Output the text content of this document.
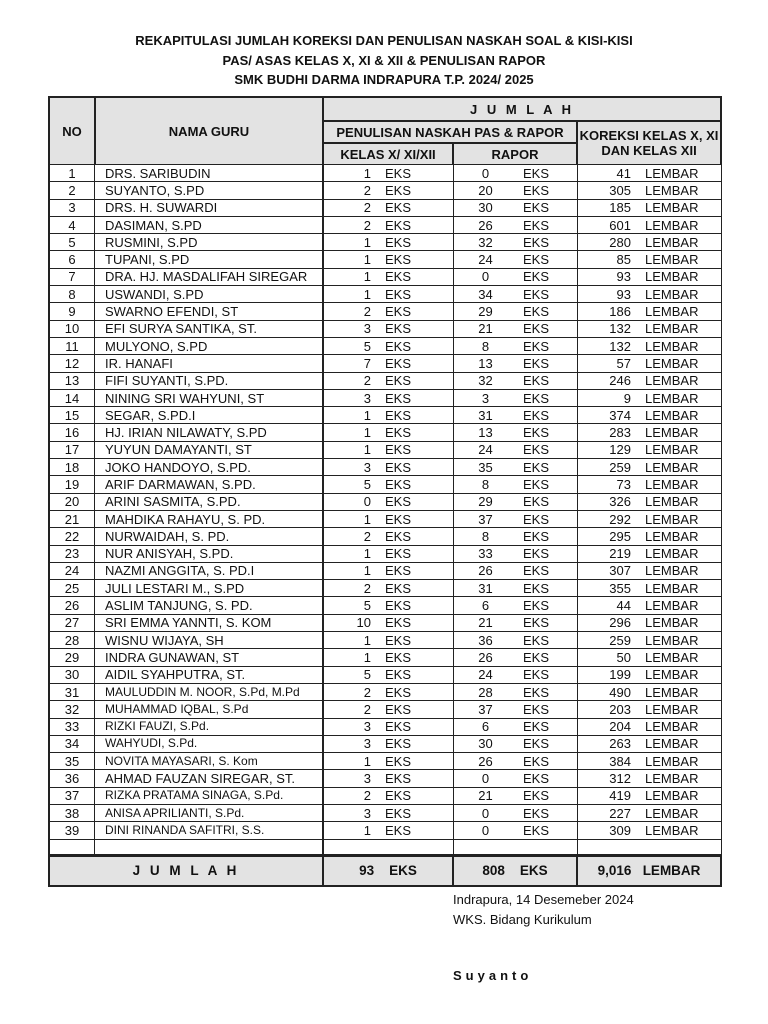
REKAPITULASI JUMLAH KOREKSI DAN PENULISAN NASKAH SOAL & KISI-KISI
PAS/ ASAS KELAS X, XI & XII & PENULISAN RAPOR
SMK BUDHI DARMA INDRAPURA T.P. 2024/ 2025
NO	NAMA GURU	J U M L A H					
		PENULISAN NASKAH PAS & RAPOR				KOREKSI KELAS X, XI
DAN KELAS XII	

		KELAS X/ XI/XII		RAPOR			
1	DRS. SARIBUDIN	1	EKS	0	EKS	41	LEMBAR
2	SUYANTO, S.PD	2	EKS	20	EKS	305	LEMBAR
3	DRS. H. SUWARDI	2	EKS	30	EKS	185	LEMBAR
4	DASIMAN, S.PD	2	EKS	26	EKS	601	LEMBAR
5	RUSMINI, S.PD	1	EKS	32	EKS	280	LEMBAR
6	TUPANI, S.PD	1	EKS	24	EKS	85	LEMBAR
7	DRA. HJ. MASDALIFAH SIREGAR	1	EKS	0	EKS	93	LEMBAR
8	USWANDI, S.PD	1	EKS	34	EKS	93	LEMBAR
9	SWARNO EFENDI, ST	2	EKS	29	EKS	186	LEMBAR
10	EFI SURYA SANTIKA, ST.	3	EKS	21	EKS	132	LEMBAR
11	MULYONO, S.PD	5	EKS	8	EKS	132	LEMBAR
12	IR. HANAFI	7	EKS	13	EKS	57	LEMBAR
13	FIFI SUYANTI, S.PD.	2	EKS	32	EKS	246	LEMBAR
14	NINING SRI WAHYUNI, ST	3	EKS	3	EKS	9	LEMBAR
15	SEGAR, S.PD.I	1	EKS	31	EKS	374	LEMBAR
16	HJ. IRIAN NILAWATY, S.PD	1	EKS	13	EKS	283	LEMBAR
17	YUYUN DAMAYANTI, ST	1	EKS	24	EKS	129	LEMBAR
18	JOKO HANDOYO, S.PD.	3	EKS	35	EKS	259	LEMBAR
19	ARIF DARMAWAN, S.PD.	5	EKS	8	EKS	73	LEMBAR
20	ARINI SASMITA, S.PD.	0	EKS	29	EKS	326	LEMBAR
21	MAHDIKA RAHAYU, S. PD.	1	EKS	37	EKS	292	LEMBAR
22	NURWAIDAH, S. PD.	2	EKS	8	EKS	295	LEMBAR
23	NUR ANISYAH, S.PD.	1	EKS	33	EKS	219	LEMBAR
24	NAZMI ANGGITA, S. PD.I	1	EKS	26	EKS	307	LEMBAR
25	JULI LESTARI M., S.PD	2	EKS	31	EKS	355	LEMBAR
26	ASLIM TANJUNG, S. PD.	5	EKS	6	EKS	44	LEMBAR
27	SRI EMMA YANNTI, S. KOM	10	EKS	21	EKS	296	LEMBAR
28	WISNU WIJAYA, SH	1	EKS	36	EKS	259	LEMBAR
29	INDRA GUNAWAN, ST	1	EKS	26	EKS	50	LEMBAR
30	AIDIL SYAHPUTRA, ST.	5	EKS	24	EKS	199	LEMBAR
31	MAULUDDIN M. NOOR, S.Pd, M.Pd	2	EKS	28	EKS	490	LEMBAR
32	MUHAMMAD IQBAL, S.Pd	2	EKS	37	EKS	203	LEMBAR
33	RIZKI FAUZI, S.Pd.	3	EKS	6	EKS	204	LEMBAR
34	WAHYUDI, S.Pd.	3	EKS	30	EKS	263	LEMBAR
35	NOVITA MAYASARI, S. Kom	1	EKS	26	EKS	384	LEMBAR
36	AHMAD FAUZAN SIREGAR, ST.	3	EKS	0	EKS	312	LEMBAR
37	RIZKA PRATAMA SINAGA, S.Pd.	2	EKS	21	EKS	419	LEMBAR
38	ANISA APRILIANTI, S.Pd.	3	EKS	0	EKS	227	LEMBAR
39	DINI RINANDA SAFITRI, S.S.	1	EKS	0	EKS	309	LEMBAR

J U M L A H		93 EKS		808 EKS		9,016 LEMBAR	
Indrapura, 14 Desemeber 2024
WKS. Bidang Kurikulum
Suyanto
